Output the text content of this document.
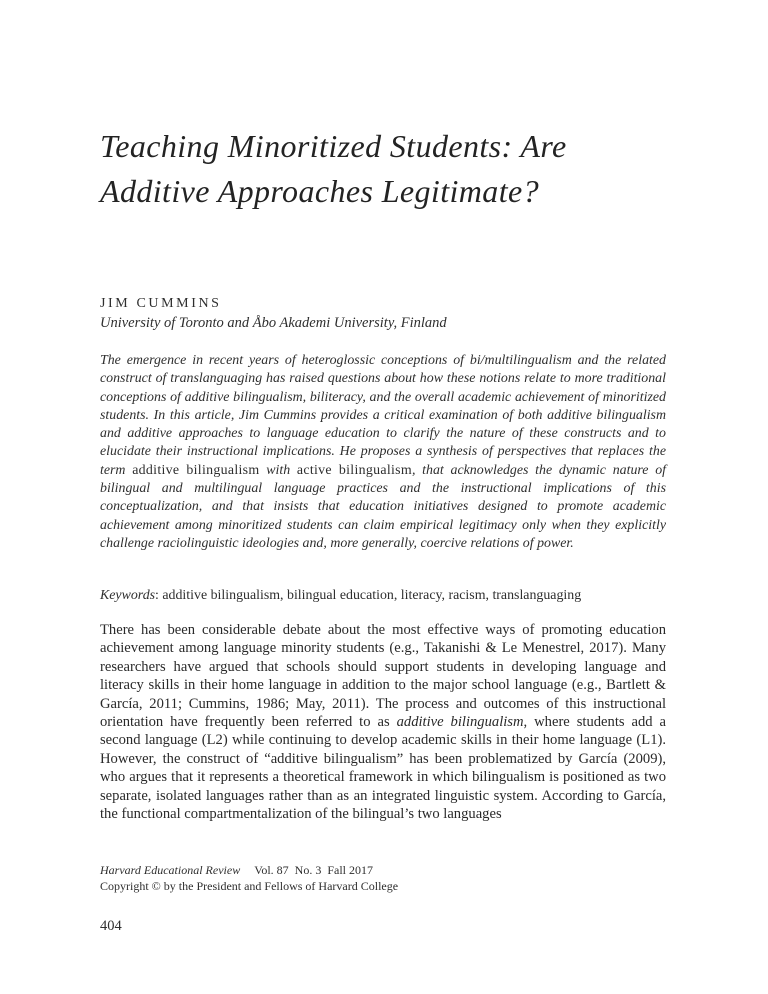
Teaching Minoritized Students: Are
Additive Approaches Legitimate?
JIM CUMMINS
University of Toronto and Åbo Akademi University, Finland

The emergence in recent years of heteroglossic conceptions of bi/multilingualism and the related construct of translanguaging has raised questions about how these notions relate to more traditional conceptions of additive bilingualism, biliteracy, and the overall academic achievement of minoritized students. In this article, Jim Cummins provides a critical examination of both additive bilingualism and additive approaches to language education to clarify the nature of these constructs and to elucidate their instructional implications. He proposes a synthesis of perspectives that replaces the term additive bilingualism with active bilingualism, that acknowledges the dynamic nature of bilingual and multilingual language practices and the instructional implications of this conceptualization, and that insists that education initiatives designed to promote academic achievement among minoritized students can claim empirical legitimacy only when they explicitly challenge raciolinguistic ideologies and, more generally, coercive relations of power.

Keywords: additive bilingualism, bilingual education, literacy, racism, translanguaging

There has been considerable debate about the most effective ways of promoting education achievement among language minority students (e.g., Takanishi & Le Menestrel, 2017). Many researchers have argued that schools should support students in developing language and literacy skills in their home language in addition to the major school language (e.g., Bartlett & García, 2011; Cummins, 1986; May, 2011). The process and outcomes of this instructional orientation have frequently been referred to as additive bilingualism, where students add a second language (L2) while continuing to develop academic skills in their home language (L1). However, the construct of “additive bilingualism” has been problematized by García (2009), who argues that it represents a theoretical framework in which bilingualism is positioned as two separate, isolated languages rather than as an integrated linguistic system. According to García, the functional compartmentalization of the bilingual’s two languages

Harvard Educational Review Vol. 87 No. 3 Fall 2017
Copyright © by the President and Fellows of Harvard College
404
